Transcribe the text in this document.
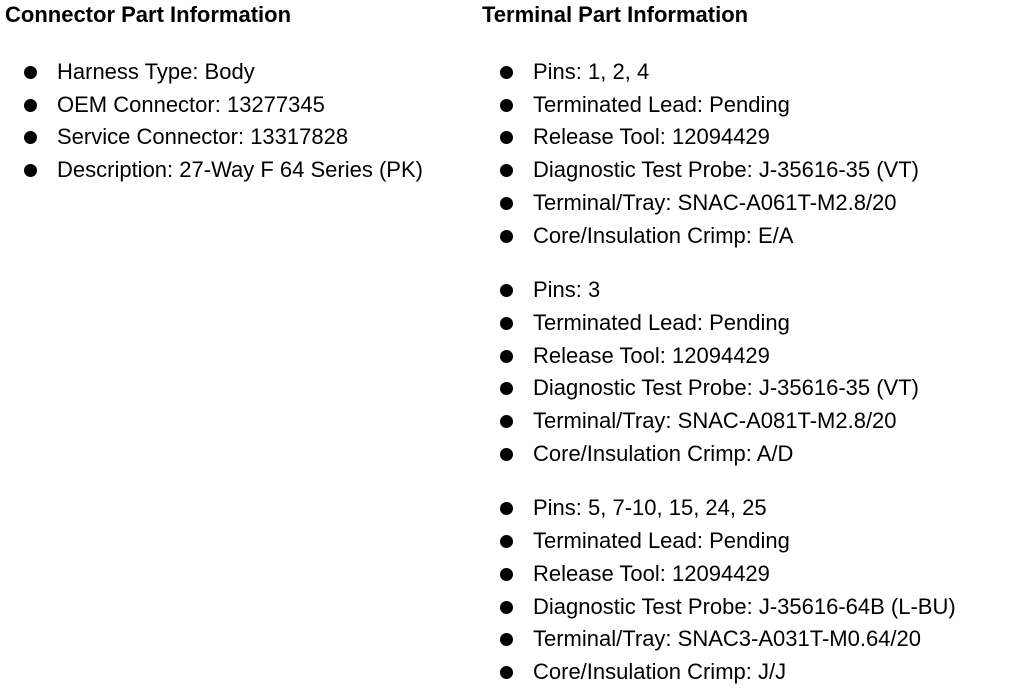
Connector Part Information
Harness Type: Body
OEM Connector: 13277345
Service Connector: 13317828
Description: 27-Way F 64 Series (PK)
Terminal Part Information
Pins: 1, 2, 4
Terminated Lead: Pending
Release Tool: 12094429
Diagnostic Test Probe: J-35616-35 (VT)
Terminal/Tray: SNAC-A061T-M2.8/20
Core/Insulation Crimp: E/A
Pins: 3
Terminated Lead: Pending
Release Tool: 12094429
Diagnostic Test Probe: J-35616-35 (VT)
Terminal/Tray: SNAC-A081T-M2.8/20
Core/Insulation Crimp: A/D
Pins: 5, 7-10, 15, 24, 25
Terminated Lead: Pending
Release Tool: 12094429
Diagnostic Test Probe: J-35616-64B (L-BU)
Terminal/Tray: SNAC3-A031T-M0.64/20
Core/Insulation Crimp: J/J
